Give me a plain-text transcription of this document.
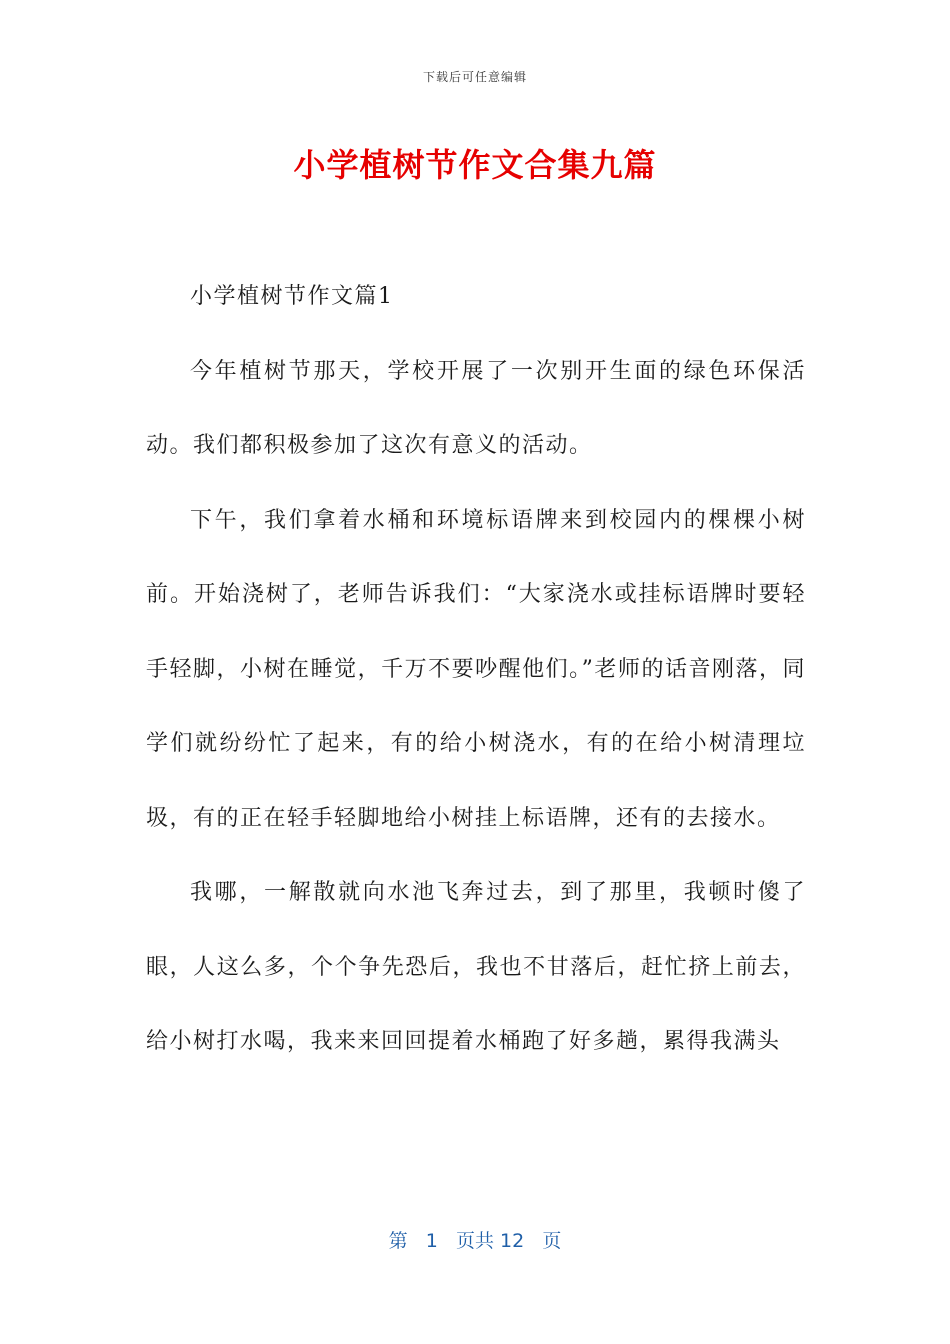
下载后可任意编辑
小学植树节作文合集九篇

小学植树节作文篇1

今年植树节那天，学校开展了一次别开生面的绿色环保活动。我们都积极参加了这次有意义的活动。

下午，我们拿着水桶和环境标语牌来到校园内的棵棵小树前。开始浇树了，老师告诉我们：“大家浇水或挂标语牌时要轻手轻脚，小树在睡觉，千万不要吵醒他们。”老师的话音刚落，同学们就纷纷忙了起来，有的给小树浇水，有的在给小树清理垃圾，有的正在轻手轻脚地给小树挂上标语牌，还有的去接水。

我哪，一解散就向水池飞奔过去，到了那里，我顿时傻了眼，人这么多，个个争先恐后，我也不甘落后，赶忙挤上前去，给小树打水喝，我来来回回提着水桶跑了好多趟，累得我满头

第 1 页共 12 页
